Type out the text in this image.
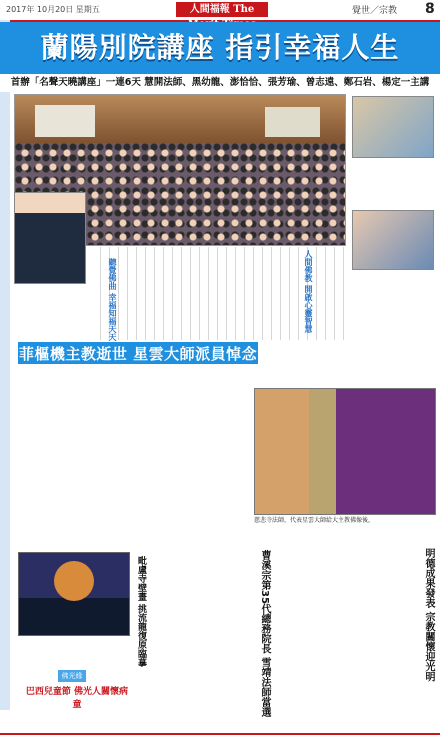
2017年 10月20日 星期五	人間福報 The	覺世／宗教 8
蘭陽別院講座 指引幸福人生
首辦「名聲天曉講座」一連6天 慧開法師、黑幼龍、澎恰恰、張芳瑜、曾志遠、鄭石岩、楊定一主講
人間佛教 開啟心靈智慧
聽覺佛曲 幸福知福天天
菲樞機主教逝世 星雲大師派員悼念
慈悲寺法師，代表星雲大師給大主教佛像後，
毗盧寺壁畫 挑流龍復原臨摹
佛光緣
巴西兒童節 佛光人關懷病童	曹溪宗第35代總務院長 雪靖法師當選	明德成果發表 宗教關懷迎光明
